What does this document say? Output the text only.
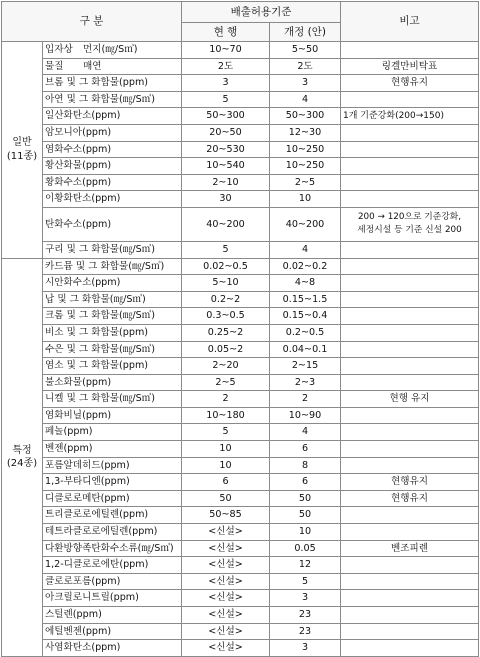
구 분		배출허용기준		비고
		현 행	개정 (안)	

일반
(11종)	입자상 먼지(㎎/S㎥)	10~70	5~50	
	물질 매연	2도	2도	링겔만비탁표
	브롬 및 그 화합물(ppm)	3	3	현행유지
	아연 및 그 화합물(㎎/S㎥)	5	4	
	일산화탄소(ppm)	50~300	50~300	1개 기준강화(200→150)
	암모니아(ppm)	20~50	12~30	
	염화수소(ppm)	20~530	10~250	
	황산화물(ppm)	10~540	10~250	
	황화수소(ppm)	2~10	2~5	
	이황화탄소(ppm)	30	10	
	탄화수소(ppm)	40~200	40~200	200 → 120으로 기준강화,
세정시설 등 기준 신설 200

	구리 및 그 화합물(㎎/S㎥)	5	4	

특정
(24종)	카드뮴 및 그 화합물(㎎/S㎥)	0.02~0.5	0.02~0.2	
	시안화수소(ppm)	5~10	4~8	
	납 및 그 화합물(㎎/S㎥)	0.2~2	0.15~1.5	
	크롬 및 그 화합물(㎎/S㎥)	0.3~0.5	0.15~0.4	
	비소 및 그 화합물(ppm)	0.25~2	0.2~0.5	
	수은 및 그 화합물(㎎/S㎥)	0.05~2	0.04~0.1	
	염소 및 그 화합물(ppm)	2~20	2~15	
	불소화물(ppm)	2~5	2~3	
	니켈 및 그 화합물(㎎/S㎥)	2	2	현행 유지
	염화비닐(ppm)	10~180	10~90	
	페놀(ppm)	5	4	
	벤젠(ppm)	10	6	
	포름알데히드(ppm)	10	8	
	1,3-부타디엔(ppm)	6	6	현행유지
	디클로로메탄(ppm)	50	50	현행유지
	트리클로로에틸렌(ppm)	50~85	50	
	테트라클로로에틸렌(ppm)	<신설>	10	
	다환방향족탄화수소류(㎎/S㎥)	<신설>	0.05	벤조피렌
	1,2-디클로로에탄(ppm)	<신설>	12	
	클로로포름(ppm)	<신설>	5	
	아크릴로니트릴(ppm)	<신설>	3	
	스틸렌(ppm)	<신설>	23	
	에틸벤젠(ppm)	<신설>	23	
	사염화탄소(ppm)	<신설>	3	
